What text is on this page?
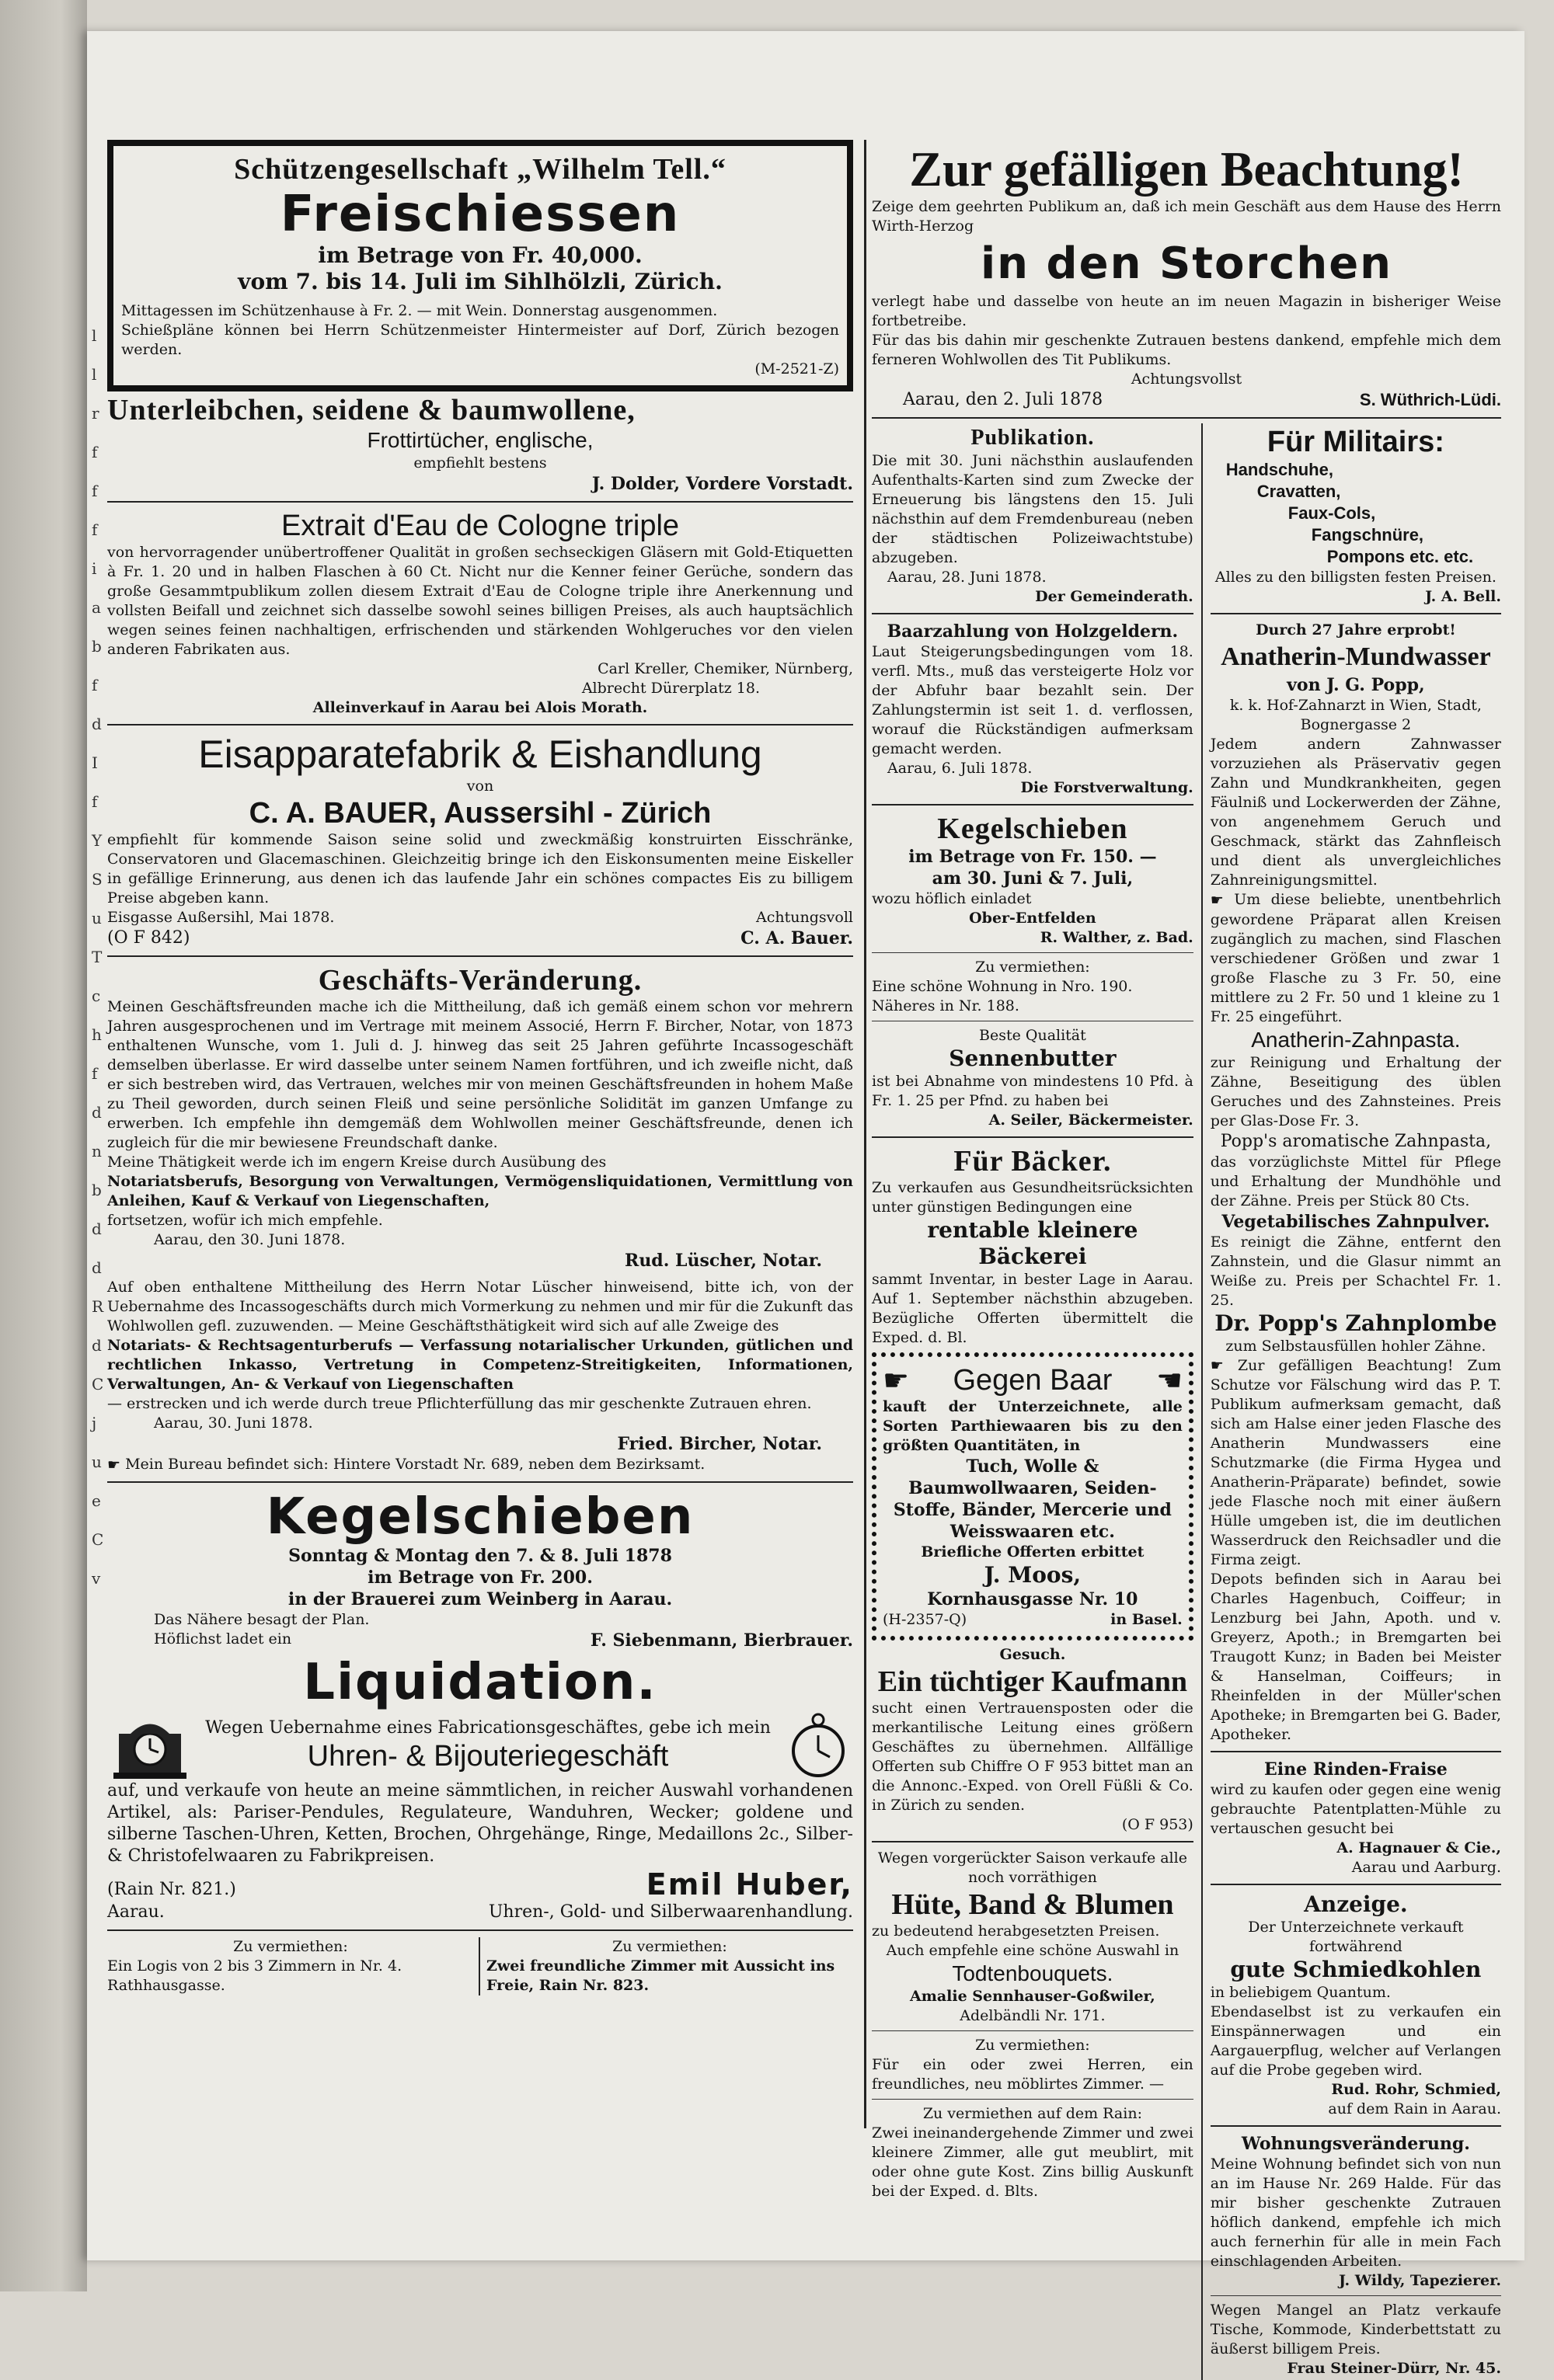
l
l
r
f
f
f
i
a
b
f
d
I
f
Y
S
u
T
c
h
f
d
n
b
d
d
R
d
C
j
u
e
C
v
Schützengesellschaft „Wilhelm Tell.“
Freischiessen
im Betrage von Fr. 40,000.
vom 7. bis 14. Juli im Sihlhölzli, Zürich.
Mittagessen im Schützenhause à Fr. 2. — mit Wein. Donnerstag ausgenommen.
Schießpläne können bei Herrn Schützenmeister Hintermeister auf Dorf, Zürich bezogen werden.
(M-2521-Z)
Unterleibchen, seidene & baumwollene,
Frottirtücher, englische,
empfiehlt bestens
J. Dolder, Vordere Vorstadt.
Extrait d'Eau de Cologne triple
von hervorragender unübertroffener Qualität in großen sechseckigen Gläsern mit Gold-Etiquetten à Fr. 1. 20 und in halben Flaschen à 60 Ct. Nicht nur die Kenner feiner Gerüche, sondern das große Gesammtpublikum zollen diesem Extrait d'Eau de Cologne triple ihre Anerkennung und vollsten Beifall und zeichnet sich dasselbe sowohl seines billigen Preises, als auch hauptsächlich wegen seines feinen nachhaltigen, erfrischenden und stärkenden Wohlgeruches vor den vielen anderen Fabrikaten aus.
Carl Kreller, Chemiker, Nürnberg,
Albrecht Dürerplatz 18.
Alleinverkauf in Aarau bei Alois Morath.
Eisapparatefabrik & Eishandlung
von
C. A. BAUER, Aussersihl - Zürich
empfiehlt für kommende Saison seine solid und zweckmäßig konstruirten Eisschränke, Conservatoren und Glacemaschinen. Gleichzeitig bringe ich den Eiskonsumenten meine Eiskeller in gefällige Erinnerung, aus denen ich das laufende Jahr ein schönes compactes Eis zu billigem Preise abgeben kann.
Eisgasse Außersihl, Mai 1878.	Achtungsvoll
(O F 842)	C. A. Bauer.
Geschäfts-Veränderung.
Meinen Geschäftsfreunden mache ich die Mittheilung, daß ich gemäß einem schon vor mehrern Jahren ausgesprochenen und im Vertrage mit meinem Associé, Herrn F. Bircher, Notar, von 1873 enthaltenen Wunsche, vom 1. Juli d. J. hinweg das seit 25 Jahren geführte Incassogeschäft demselben überlasse. Er wird dasselbe unter seinem Namen fortführen, und ich zweifle nicht, daß er sich bestreben wird, das Vertrauen, welches mir von meinen Geschäftsfreunden in hohem Maße zu Theil geworden, durch seinen Fleiß und seine persönliche Solidität im ganzen Umfange zu erwerben. Ich empfehle ihn demgemäß dem Wohlwollen meiner Geschäftsfreunde, denen ich zugleich für die mir bewiesene Freundschaft danke.
Meine Thätigkeit werde ich im engern Kreise durch Ausübung des
Notariatsberufs, Besorgung von Verwaltungen, Vermögensliquidationen, Vermittlung von Anleihen, Kauf & Verkauf von Liegenschaften,
fortsetzen, wofür ich mich empfehle.
Aarau, den 30. Juni 1878.
Rud. Lüscher, Notar.
Auf oben enthaltene Mittheilung des Herrn Notar Lüscher hinweisend, bitte ich, von der Uebernahme des Incassogeschäfts durch mich Vormerkung zu nehmen und mir für die Zukunft das Wohlwollen gefl. zuzuwenden. — Meine Geschäftsthätigkeit wird sich auf alle Zweige des
Notariats- & Rechtsagenturberufs — Verfassung notarialischer Urkunden, gütlichen und rechtlichen Inkasso, Vertretung in Competenz-Streitigkeiten, Informationen, Verwaltungen, An- & Verkauf von Liegenschaften
— erstrecken und ich werde durch treue Pflichterfüllung das mir geschenkte Zutrauen ehren.
Aarau, 30. Juni 1878.
Fried. Bircher, Notar.
☛ Mein Bureau befindet sich: Hintere Vorstadt Nr. 689, neben dem Bezirksamt.
Kegelschieben
Sonntag & Montag den 7. & 8. Juli 1878
im Betrage von Fr. 200.
in der Brauerei zum Weinberg in Aarau.
Das Nähere besagt der Plan.
Höflichst ladet ein	F. Siebenmann, Bierbrauer.
Liquidation.
Wegen Uebernahme eines Fabricationsgeschäftes, gebe ich mein
Uhren- & Bijouteriegeschäft
auf, und verkaufe von heute an meine sämmtlichen, in reicher Auswahl vorhandenen Artikel, als: Pariser-Pendules, Regulateure, Wanduhren, Wecker; goldene und silberne Taschen-Uhren, Ketten, Brochen, Ohrgehänge, Ringe, Medaillons 2c., Silber- & Christofelwaaren zu Fabrikpreisen.
(Rain Nr. 821.)	Emil Huber,
Aarau.	Uhren-, Gold- und Silberwaarenhandlung.
Zu vermiethen:
Ein Logis von 2 bis 3 Zimmern in Nr. 4. Rathhausgasse.
Zu vermiethen:
Zwei freundliche Zimmer mit Aussicht ins Freie, Rain Nr. 823.
Zur gefälligen Beachtung!
Zeige dem geehrten Publikum an, daß ich mein Geschäft aus dem Hause des Herrn Wirth-Herzog
in den Storchen
verlegt habe und dasselbe von heute an im neuen Magazin in bisheriger Weise fortbetreibe.
Für das bis dahin mir geschenkte Zutrauen bestens dankend, empfehle mich dem ferneren Wohlwollen des Tit Publikums.
Achtungsvollst
Aarau, den 2. Juli 1878	S. Wüthrich-Lüdi.
Publikation.
Die mit 30. Juni nächsthin auslaufenden Aufenthalts-Karten sind zum Zwecke der Erneuerung bis längstens den 15. Juli nächsthin auf dem Fremdenbureau (neben der städtischen Polizeiwachtstube) abzugeben.
Aarau, 28. Juni 1878.
Der Gemeinderath.
Baarzahlung von Holzgeldern.
Laut Steigerungsbedingungen vom 18. verfl. Mts., muß das versteigerte Holz vor der Abfuhr baar bezahlt sein. Der Zahlungstermin ist seit 1. d. verflossen, worauf die Rückständigen aufmerksam gemacht werden.
Aarau, 6. Juli 1878.
Die Forstverwaltung.
Kegelschieben
im Betrage von Fr. 150. —
am 30. Juni & 7. Juli,
wozu höflich einladet
Ober-Entfelden
R. Walther, z. Bad.
Zu vermiethen:
Eine schöne Wohnung in Nro. 190. Näheres in Nr. 188.
Beste Qualität
Sennenbutter
ist bei Abnahme von mindestens 10 Pfd. à Fr. 1. 25 per Pfnd. zu haben bei
A. Seiler, Bäckermeister.
Für Bäcker.
Zu verkaufen aus Gesundheitsrücksichten unter günstigen Bedingungen eine
rentable kleinere Bäckerei
sammt Inventar, in bester Lage in Aarau. Auf 1. September nächsthin abzugeben. Bezügliche Offerten übermittelt die Exped. d. Bl.
☛ Gegen Baar ☛
kauft der Unterzeichnete, alle Sorten Parthiewaaren bis zu den größten Quantitäten, in
Tuch, Wolle & Baumwollwaaren, Seiden-Stoffe, Bänder, Mercerie und Weisswaaren etc.
Briefliche Offerten erbittet
J. Moos,
Kornhausgasse Nr. 10
(H-2357-Q)	in Basel.
Gesuch.
Ein tüchtiger Kaufmann
sucht einen Vertrauensposten oder die merkantilische Leitung eines größern Geschäftes zu übernehmen. Allfällige Offerten sub Chiffre O F 953 bittet man an die Annonc.-Exped. von Orell Füßli & Co. in Zürich zu senden.
(O F 953)
Wegen vorgerückter Saison verkaufe alle noch vorräthigen
Hüte, Band & Blumen
zu bedeutend herabgesetzten Preisen.
Auch empfehle eine schöne Auswahl in
Todtenbouquets.
Amalie Sennhauser-Goßwiler,
Adelbändli Nr. 171.
Zu vermiethen:
Für ein oder zwei Herren, ein freundliches, neu möblirtes Zimmer. —
Zu vermiethen auf dem Rain:
Zwei ineinandergehende Zimmer und zwei kleinere Zimmer, alle gut meublirt, mit oder ohne gute Kost. Zins billig Auskunft bei der Exped. d. Blts.
Für Militairs:
Handschuhe,
Cravatten,
Faux-Cols,
Fangschnüre,
Pompons etc. etc.
Alles zu den billigsten festen Preisen.
J. A. Bell.
Durch 27 Jahre erprobt!
Anatherin-Mundwasser
von J. G. Popp,
k. k. Hof-Zahnarzt in Wien, Stadt, Bognergasse 2
Jedem andern Zahnwasser vorzuziehen als Präservativ gegen Zahn und Mundkrankheiten, gegen Fäulniß und Lockerwerden der Zähne, von angenehmem Geruch und Geschmack, stärkt das Zahnfleisch und dient als unvergleichliches Zahnreinigungsmittel.
☛ Um diese beliebte, unentbehrlich gewordene Präparat allen Kreisen zugänglich zu machen, sind Flaschen verschiedener Größen und zwar 1 große Flasche zu 3 Fr. 50, eine mittlere zu 2 Fr. 50 und 1 kleine zu 1 Fr. 25 eingeführt.
Anatherin-Zahnpasta.
zur Reinigung und Erhaltung der Zähne, Beseitigung des üblen Geruches und des Zahnsteines. Preis per Glas-Dose Fr. 3.
Popp's aromatische Zahnpasta,
das vorzüglichste Mittel für Pflege und Erhaltung der Mundhöhle und der Zähne. Preis per Stück 80 Cts.
Vegetabilisches Zahnpulver.
Es reinigt die Zähne, entfernt den Zahnstein, und die Glasur nimmt an Weiße zu. Preis per Schachtel Fr. 1. 25.
Dr. Popp's Zahnplombe
zum Selbstausfüllen hohler Zähne.
☛ Zur gefälligen Beachtung! Zum Schutze vor Fälschung wird das P. T. Publikum aufmerksam gemacht, daß sich am Halse einer jeden Flasche des Anatherin Mundwassers eine Schutzmarke (die Firma Hygea und Anatherin-Präparate) befindet, sowie jede Flasche noch mit einer äußern Hülle umgeben ist, die im deutlichen Wasserdruck den Reichsadler und die Firma zeigt.
Depots befinden sich in Aarau bei Charles Hagenbuch, Coiffeur; in Lenzburg bei Jahn, Apoth. und v. Greyerz, Apoth.; in Bremgarten bei Traugott Kunz; in Baden bei Meister & Hanselman, Coiffeurs; in Rheinfelden in der Müller'schen Apotheke; in Bremgarten bei G. Bader, Apotheker.
Eine Rinden-Fraise
wird zu kaufen oder gegen eine wenig gebrauchte Patentplatten-Mühle zu vertauschen gesucht bei
A. Hagnauer & Cie.,
Aarau und Aarburg.
Anzeige.
Der Unterzeichnete verkauft fortwährend
gute Schmiedkohlen
in beliebigem Quantum.
Ebendaselbst ist zu verkaufen ein Einspännerwagen und ein Aargauerpflug, welcher auf Verlangen auf die Probe gegeben wird.
Rud. Rohr, Schmied,
auf dem Rain in Aarau.
Wohnungsveränderung.
Meine Wohnung befindet sich von nun an im Hause Nr. 269 Halde. Für das mir bisher geschenkte Zutrauen höflich dankend, empfehle ich mich auch fernerhin für alle in mein Fach einschlagenden Arbeiten.
J. Wildy, Tapezierer.
Wegen Mangel an Platz verkaufe Tische, Kommode, Kinderbettstatt zu äußerst billigem Preis.
Frau Steiner-Dürr, Nr. 45.
